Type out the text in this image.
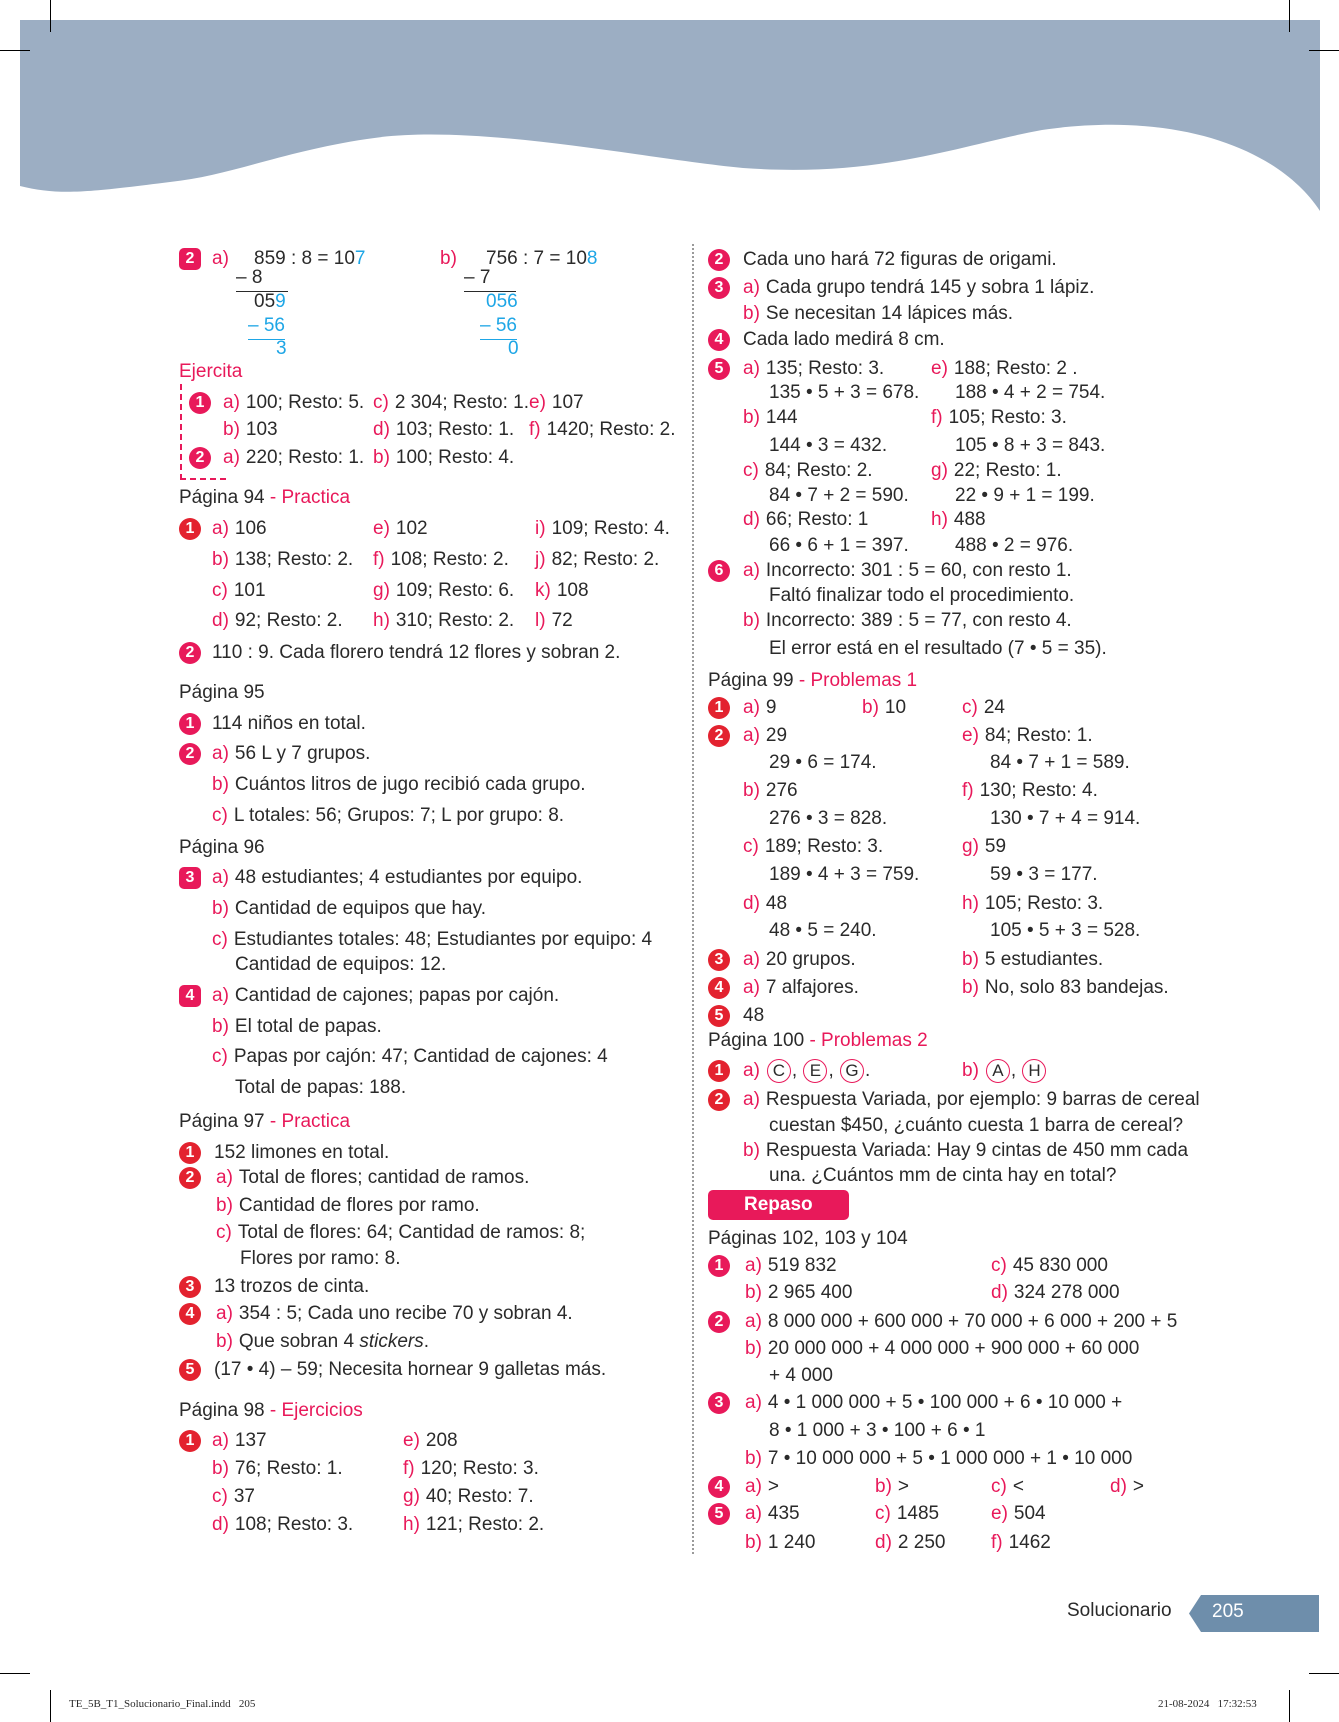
2 a) 859 : 8 = 107	b) 756 : 7 = 108
– 8	– 7
059	056
– 56	– 56
3	0
Ejercita
1 a) 100; Resto: 5. c) 2 304; Resto: 1. e) 107
b) 103	d) 103; Resto: 1. f) 1420; Resto: 2.
2 a) 220; Resto: 1. b) 100; Resto: 4.
Página 94 - Practica
1 a) 106	e) 102	i) 109; Resto: 4.
b) 138; Resto: 2. f) 108; Resto: 2. j) 82; Resto: 2.
c) 101	g) 109; Resto: 6. k) 108
d) 92; Resto: 2. h) 310; Resto: 2. l) 72
2 110 : 9. Cada florero tendrá 12 flores y sobran 2.
Página 95
1 114 niños en total.
2 a) 56 L y 7 grupos.
b) Cuántos litros de jugo recibió cada grupo.
c) L totales: 56; Grupos: 7; L por grupo: 8.
Página 96
3 a) 48 estudiantes; 4 estudiantes por equipo.
b) Cantidad de equipos que hay.
c) Estudiantes totales: 48; Estudiantes por equipo: 4
Cantidad de equipos: 12.
4 a) Cantidad de cajones; papas por cajón.
b) El total de papas.
c) Papas por cajón: 47; Cantidad de cajones: 4
Total de papas: 188.
Página 97 - Practica
1	152 limones en total.
2	a) Total de flores; cantidad de ramos.
b) Cantidad de flores por ramo.
c) Total de flores: 64; Cantidad de ramos: 8;
Flores por ramo: 8.
3	13 trozos de cinta.
4	a) 354 : 5; Cada uno recibe 70 y sobran 4.
b) Que sobran 4 stickers.
5	(17 • 4) – 59; Necesita hornear 9 galletas más.
Página 98 - Ejercicios
1 a) 137	e) 208
b) 76; Resto: 1.	f) 120; Resto: 3.
c) 37	g) 40; Resto: 7.
d) 108; Resto: 3.	h) 121; Resto: 2.
2	Cada uno hará 72 figuras de origami.
3	a) Cada grupo tendrá 145 y sobra 1 lápiz.
b) Se necesitan 14 lápices más.
4	Cada lado medirá 8 cm.
5	a) 135; Resto: 3. e) 188; Resto: 2 .
135 • 5 + 3 = 678. 188 • 4 + 2 = 754.
b) 144	f) 105; Resto: 3.
144 • 3 = 432.	105 • 8 + 3 = 843.
c) 84; Resto: 2.	g) 22; Resto: 1.
84 • 7 + 2 = 590. 22 • 9 + 1 = 199.
d) 66; Resto: 1	h) 488
66 • 6 + 1 = 397. 488 • 2 = 976.
6	a) Incorrecto: 301 : 5 = 60, con resto 1.
Faltó finalizar todo el procedimiento.
b) Incorrecto: 389 : 5 = 77, con resto 4.
El error está en el resultado (7 • 5 = 35).
Página 99 - Problemas 1
1	a) 9	b) 10	c) 24
2	a) 29	e) 84; Resto: 1.
29 • 6 = 174.	84 • 7 + 1 = 589.
b) 276	f) 130; Resto: 4.
276 • 3 = 828.	130 • 7 + 4 = 914.
c) 189; Resto: 3.	g) 59
189 • 4 + 3 = 759.	59 • 3 = 177.
d) 48	h) 105; Resto: 3.
48 • 5 = 240.	105 • 5 + 3 = 528.
3	a) 20 grupos.	b) 5 estudiantes.
4	a) 7 alfajores.	b) No, solo 83 bandejas.
5	48
Página 100 - Problemas 2
1	a) C , E , G .	b) A , H
2	a) Respuesta Variada, por ejemplo: 9 barras de cereal
cuestan $450, ¿cuánto cuesta 1 barra de cereal?
b) Respuesta Variada: Hay 9 cintas de 450 mm cada
una. ¿Cuántos mm de cinta hay en total?
Repaso
Páginas 102, 103 y 104
1	a) 519 832	c) 45 830 000
b) 2 965 400	d) 324 278 000
2	a) 8 000 000 + 600 000 + 70 000 + 6 000 + 200 + 5
b) 20 000 000 + 4 000 000 + 900 000 + 60 000
+ 4 000
3	a) 4 • 1 000 000 + 5 • 100 000 + 6 • 10 000 +
8 • 1 000 + 3 • 100 + 6 • 1
b) 7 • 10 000 000 + 5 • 1 000 000 + 1 • 10 000
4	a) >	b) >	c) <	d) >
5	a) 435	c) 1485	e) 504
b) 1 240	d) 2 250 f) 1462
Solucionario 205
TE_5B_T1_Solucionario_Final.indd   205	21-08-2024   17:32:53
